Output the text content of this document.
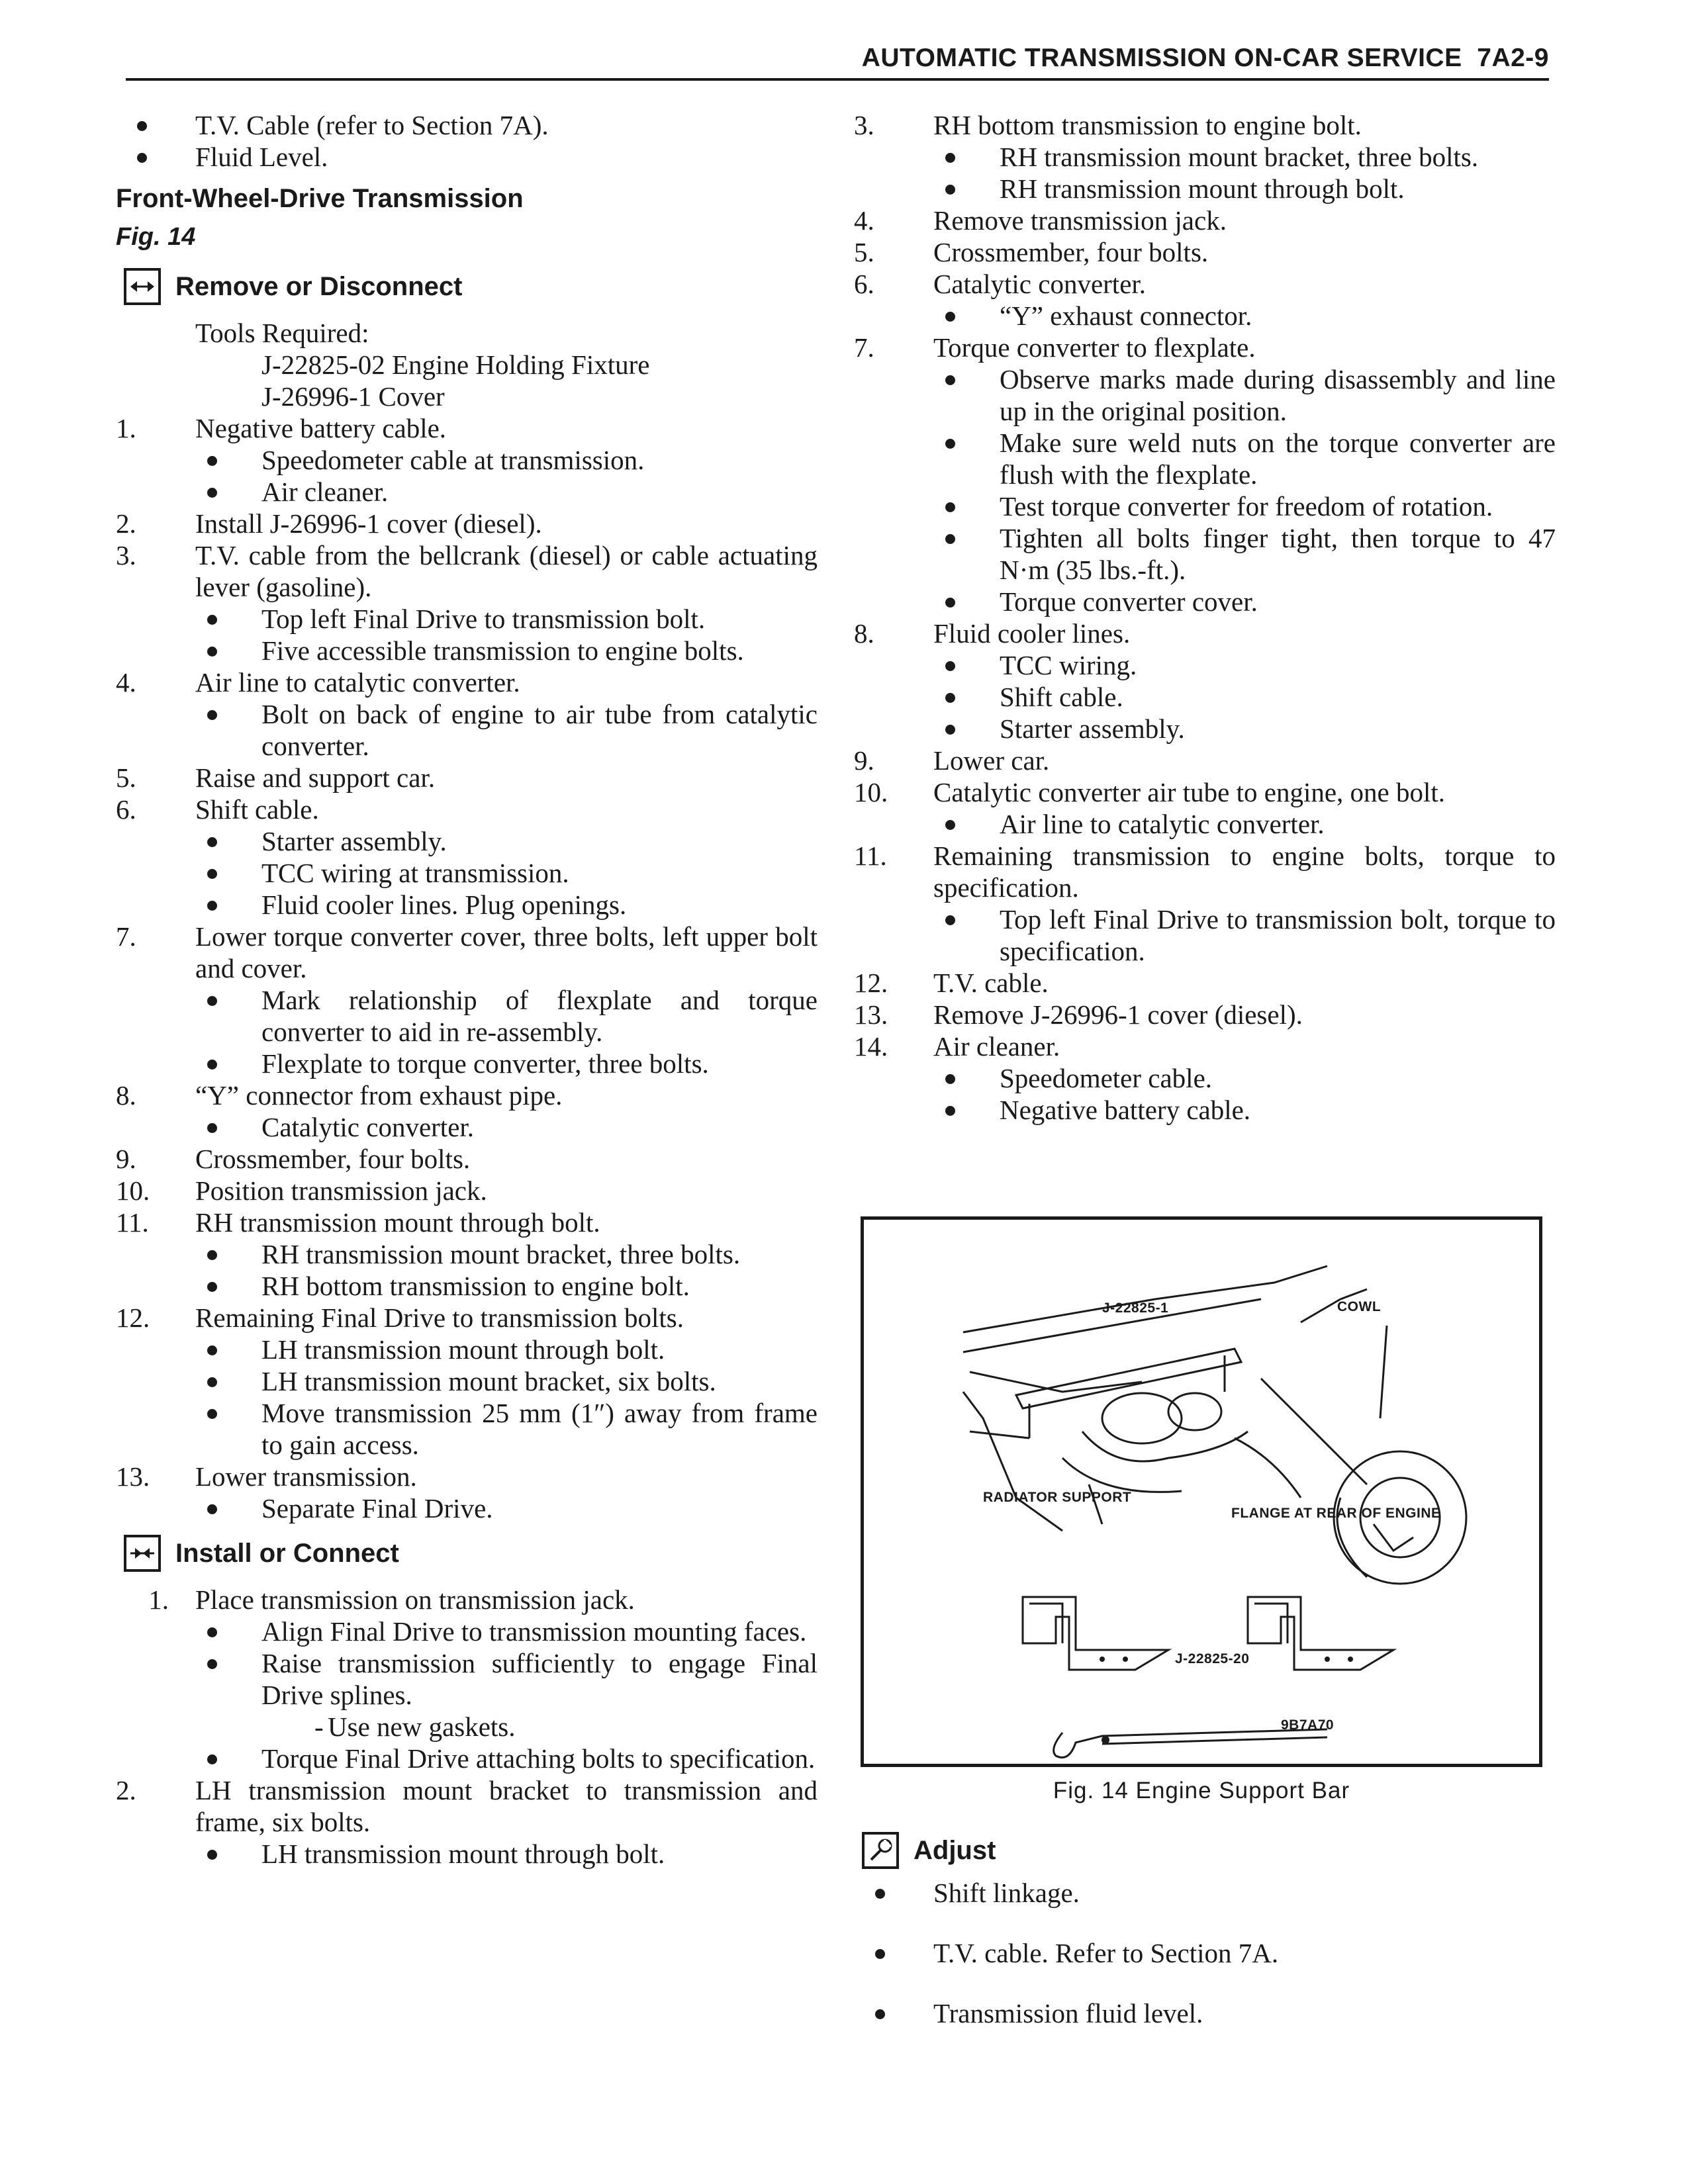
AUTOMATIC TRANSMISSION ON-CAR SERVICE  7A2-9
T.V. Cable (refer to Section 7A).
Fluid Level.
Front-Wheel-Drive Transmission
Fig. 14
Remove or Disconnect
Tools Required:
J-22825-02 Engine Holding Fixture
J-26996-1 Cover
1.	Negative battery cable.
Speedometer cable at transmission.
Air cleaner.
2.	Install J-26996-1 cover (diesel).
3.	T.V. cable from the bellcrank (diesel) or cable actuating lever (gasoline).
Top left Final Drive to transmission bolt.
Five accessible transmission to engine bolts.
4.	Air line to catalytic converter.
Bolt on back of engine to air tube from catalytic converter.
5.	Raise and support car.
6.	Shift cable.
Starter assembly.
TCC wiring at transmission.
Fluid cooler lines. Plug openings.
7.	Lower torque converter cover, three bolts, left upper bolt and cover.
Mark relationship of flexplate and torque converter to aid in re-assembly.
Flexplate to torque converter, three bolts.
8.	“Y” connector from exhaust pipe.
Catalytic converter.
9.	Crossmember, four bolts.
10.	Position transmission jack.
11.	RH transmission mount through bolt.
RH transmission mount bracket, three bolts.
RH bottom transmission to engine bolt.
12.	Remaining Final Drive to transmission bolts.
LH transmission mount through bolt.
LH transmission mount bracket, six bolts.
Move transmission 25 mm (1″) away from frame to gain access.
13.	Lower transmission.
Separate Final Drive.
Install or Connect
1. Place transmission on transmission jack.
Align Final Drive to transmission mounting faces.
Raise transmission sufficiently to engage Final Drive splines.
- Use new gaskets.
Torque Final Drive attaching bolts to specification.
2.	LH transmission mount bracket to transmission and frame, six bolts.
LH transmission mount through bolt.
3.	RH bottom transmission to engine bolt.
RH transmission mount bracket, three bolts.
RH transmission mount through bolt.
4.	Remove transmission jack.
5.	Crossmember, four bolts.
6.	Catalytic converter.
“Y” exhaust connector.
7.	Torque converter to flexplate.
Observe marks made during disassembly and line up in the original position.
Make sure weld nuts on the torque converter are flush with the flexplate.
Test torque converter for freedom of rotation.
Tighten all bolts finger tight, then torque to 47 N·m (35 lbs.-ft.).
Torque converter cover.
8.	Fluid cooler lines.
TCC wiring.
Shift cable.
Starter assembly.
9.	Lower car.
10.	Catalytic converter air tube to engine, one bolt.
Air line to catalytic converter.
11.	Remaining transmission to engine bolts, torque to specification.
Top left Final Drive to transmission bolt, torque to specification.
12.	T.V. cable.
13.	Remove J-26996-1 cover (diesel).
14.	Air cleaner.
Speedometer cable.
Negative battery cable.
J-22825-1	COWL
RADIATOR SUPPORT
FLANGE AT REAR OF ENGINE
J-22825-20
9B7A70
Fig. 14 Engine Support Bar
Adjust
Shift linkage.
T.V. cable. Refer to Section 7A.
Transmission fluid level.
